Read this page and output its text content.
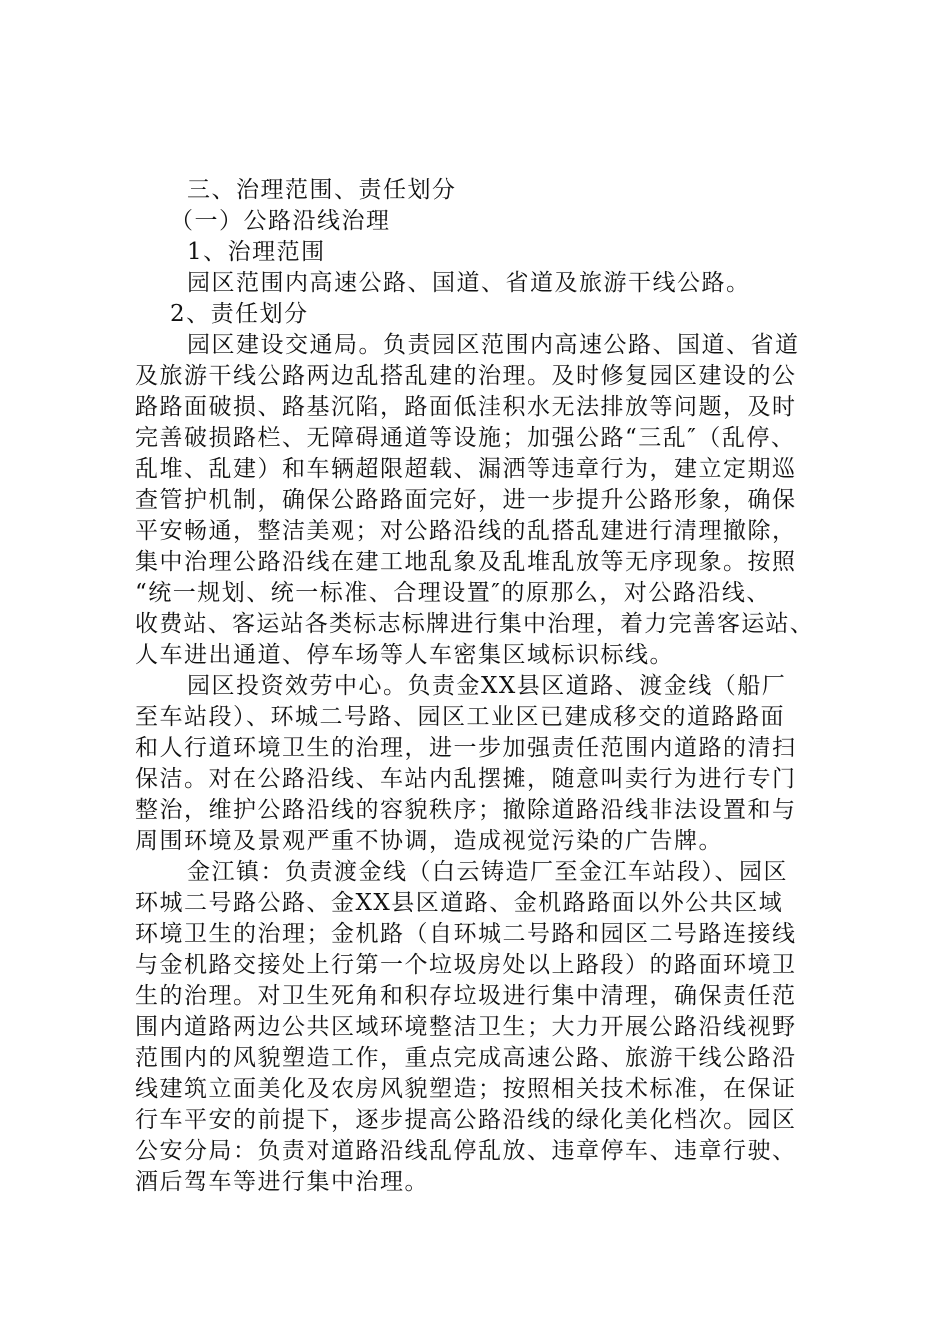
三、治理范围、责任划分
（一）公路沿线治理
1、治理范围
园区范围内高速公路、国道、省道及旅游干线公路。
2、责任划分
园区建设交通局。负责园区范围内高速公路、国道、省道
及旅游干线公路两边乱搭乱建的治理。及时修复园区建设的公
路路面破损、路基沉陷，路面低洼积水无法排放等问题，及时
完善破损路栏、无障碍通道等设施；加强公路“三乱″（乱停、
乱堆、乱建）和车辆超限超载、漏洒等违章行为，建立定期巡
查管护机制，确保公路路面完好，进一步提升公路形象，确保
平安畅通，整洁美观；对公路沿线的乱搭乱建进行清理撤除，
集中治理公路沿线在建工地乱象及乱堆乱放等无序现象。按照
“统一规划、统一标准、合理设置″的原那么，对公路沿线、
收费站、客运站各类标志标牌进行集中治理，着力完善客运站、
人车进出通道、停车场等人车密集区域标识标线。
园区投资效劳中心。负责金XX县区道路、渡金线（船厂
至车站段）、环城二号路、园区工业区已建成移交的道路路面
和人行道环境卫生的治理，进一步加强责任范围内道路的清扫
保洁。对在公路沿线、车站内乱摆摊，随意叫卖行为进行专门
整治，维护公路沿线的容貌秩序；撤除道路沿线非法设置和与
周围环境及景观严重不协调，造成视觉污染的广告牌。
金江镇：负责渡金线（白云铸造厂至金江车站段）、园区
环城二号路公路、金XX县区道路、金机路路面以外公共区域
环境卫生的治理；金机路（自环城二号路和园区二号路连接线
与金机路交接处上行第一个垃圾房处以上路段）的路面环境卫
生的治理。对卫生死角和积存垃圾进行集中清理，确保责任范
围内道路两边公共区域环境整洁卫生；大力开展公路沿线视野
范围内的风貌塑造工作，重点完成高速公路、旅游干线公路沿
线建筑立面美化及农房风貌塑造；按照相关技术标准，在保证
行车平安的前提下，逐步提高公路沿线的绿化美化档次。园区
公安分局：负责对道路沿线乱停乱放、违章停车、违章行驶、
酒后驾车等进行集中治理。
